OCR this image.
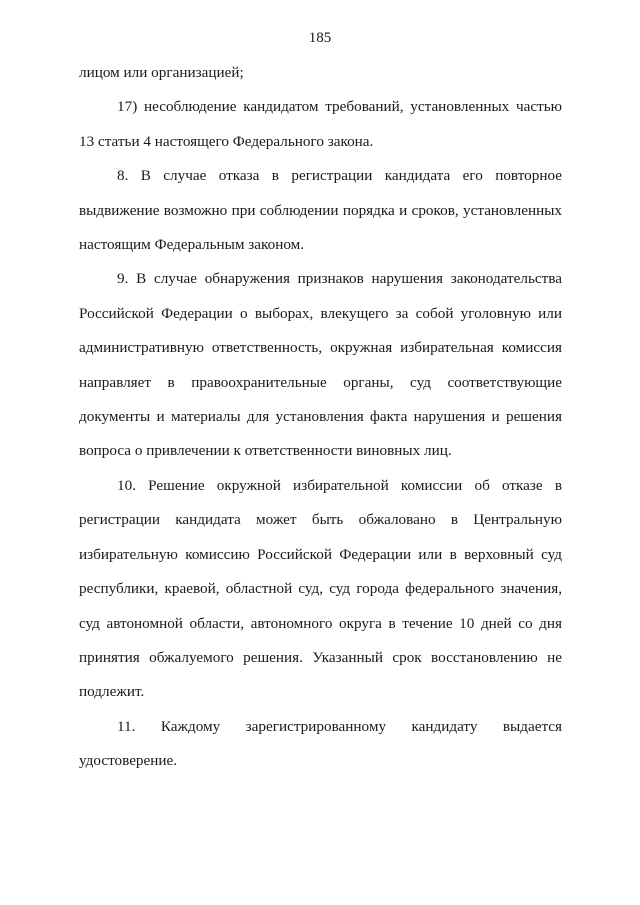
185

лицом или организацией;

17) несоблюдение кандидатом требований, установленных частью 13 статьи 4 настоящего Федерального закона.

8. В случае отказа в регистрации кандидата его повторное выдвижение возможно при соблюдении порядка и сроков, установленных настоящим Федеральным законом.

9. В случае обнаружения признаков нарушения законодательства Российской Федерации о выборах, влекущего за собой уголовную или административную ответственность, окружная избирательная комиссия направляет в правоохранительные органы, суд соответствующие документы и материалы для установления факта нарушения и решения вопроса о привлечении к ответственности виновных лиц.

10. Решение окружной избирательной комиссии об отказе в регистрации кандидата может быть обжаловано в Центральную избирательную комиссию Российской Федерации или в верховный суд республики, краевой, областной суд, суд города федерального значения, суд автономной области, автономного округа в течение 10 дней со дня принятия обжалуемого решения. Указанный срок восстановлению не подлежит.

11. Каждому зарегистрированному кандидату выдается удостоверение.
